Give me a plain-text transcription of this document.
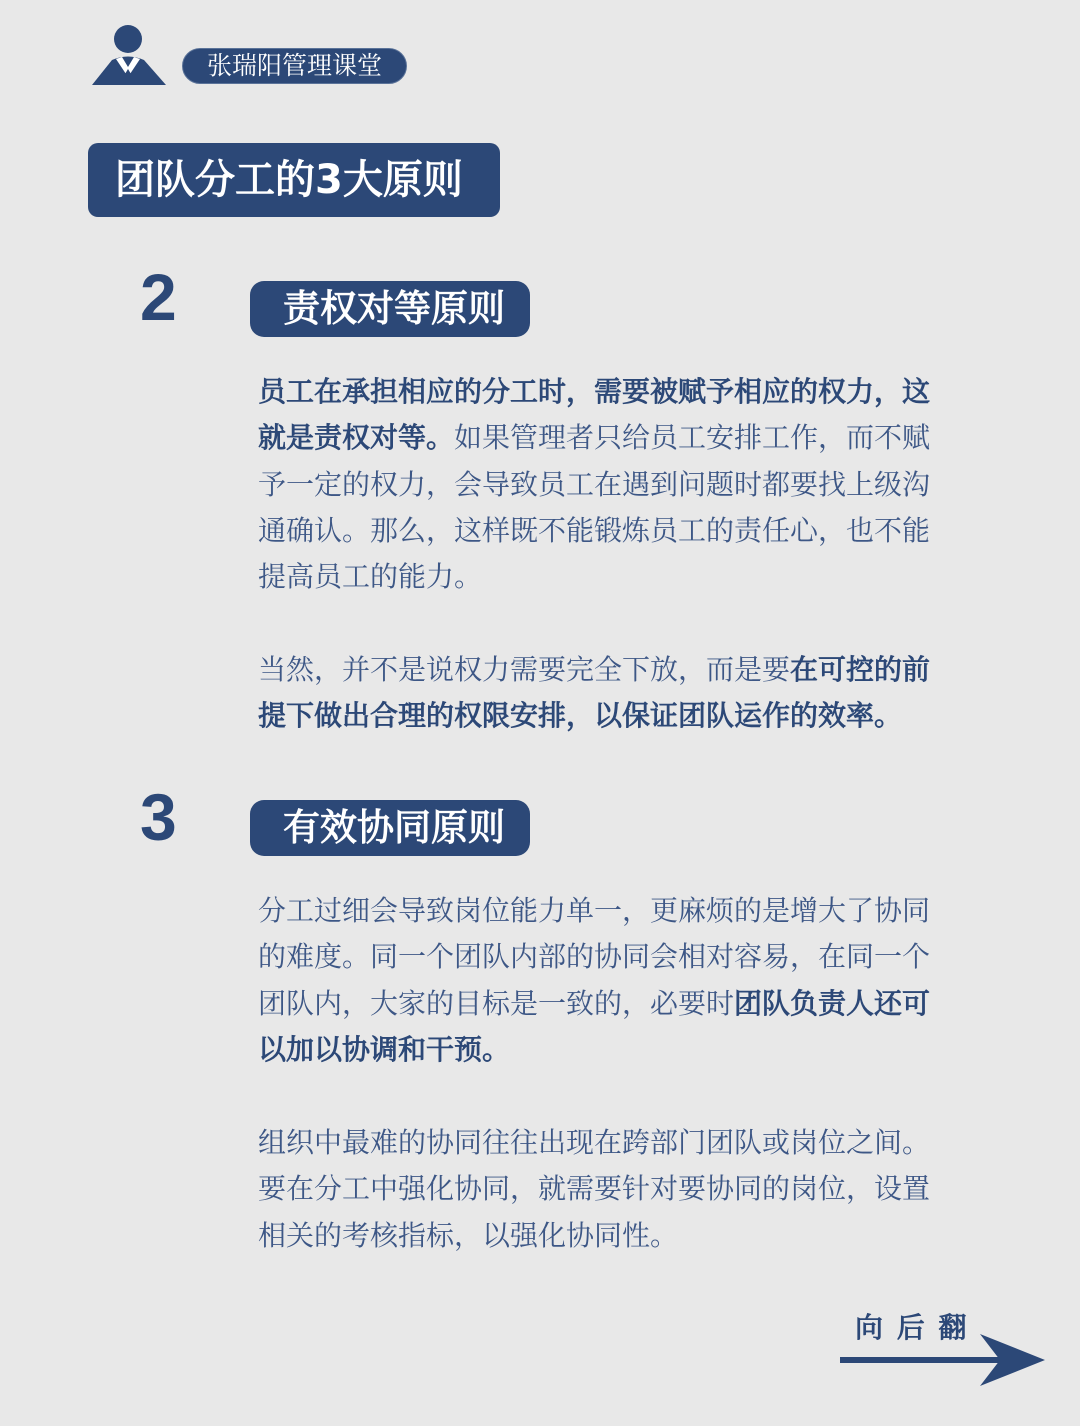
张瑞阳管理课堂
团队分工的3大原则
2	责权对等原则
员工在承担相应的分工时，需要被赋予相应的权力，这
就是责权对等。如果管理者只给员工安排工作，而不赋
予一定的权力，会导致员工在遇到问题时都要找上级沟
通确认。那么，这样既不能锻炼员工的责任心，也不能
提高员工的能力。
当然，并不是说权力需要完全下放，而是要在可控的前
提下做出合理的权限安排，以保证团队运作的效率。
3	有效协同原则
分工过细会导致岗位能力单一，更麻烦的是增大了协同
的难度。同一个团队内部的协同会相对容易，在同一个
团队内，大家的目标是一致的，必要时团队负责人还可
以加以协调和干预。
组织中最难的协同往往出现在跨部门团队或岗位之间。
要在分工中强化协同，就需要针对要协同的岗位，设置
相关的考核指标，以强化协同性。
向 后 翻
